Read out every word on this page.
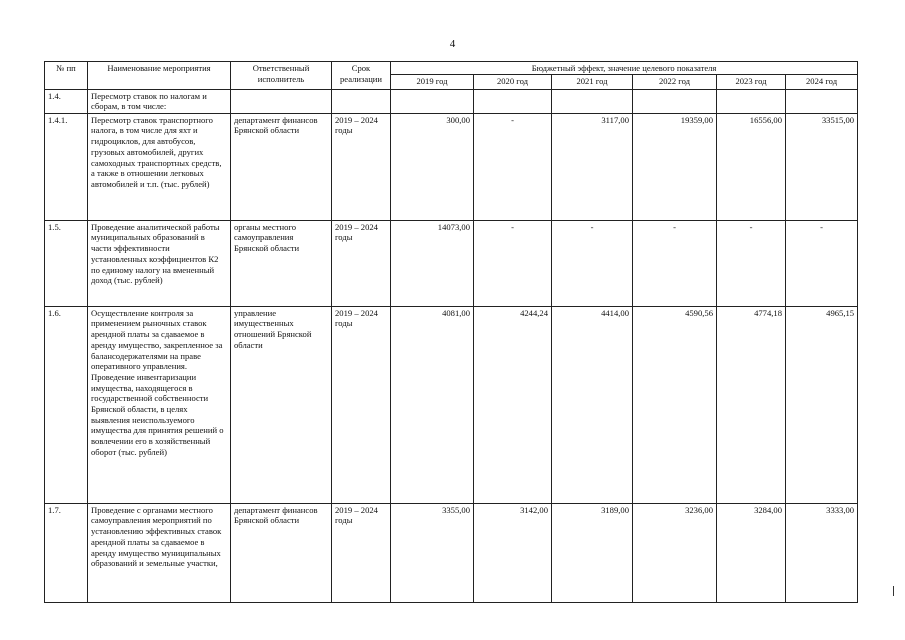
4
№ пп	Наименование мероприятия	Ответственный исполнитель	Срок реализации	Бюджетный эффект, значение целевого показателя					
				2019 год	2020 год	2021 год	2022 год	2023 год	2024 год
1.4.	Пересмотр ставок по налогам и сборам, в том числе:								
1.4.1.	Пересмотр ставок транспортного налога, в том числе для яхт и гидроциклов, для автобусов, грузовых автомобилей, других самоходных транспортных средств, а также в отношении легковых автомобилей и т.п. (тыс. рублей)	департамент финансов Брянской области	2019 – 2024 годы	300,00	-	3117,00	19359,00	16556,00	33515,00
1.5.	Проведение аналитической работы муниципальных образований в части эффективности установленных коэффициентов К2 по единому налогу на вмененный доход (тыс. рублей)	органы местного самоуправления Брянской области	2019 – 2024 годы	14073,00	-	-	-	-	-
1.6.	Осуществление контроля за применением рыночных ставок арендной платы за сдаваемое в аренду имущество, закрепленное за балансодержателями на праве оперативного управления. Проведение инвентаризации имущества, находящегося в государственной собственности Брянской области, в целях выявления неиспользуемого имущества для принятия решений о вовлечении его в хозяйственный оборот (тыс. рублей)	управление имущественных отношений Брянской области	2019 – 2024 годы	4081,00	4244,24	4414,00	4590,56	4774,18	4965,15
1.7.	Проведение с органами местного самоуправления мероприятий по установлению эффективных ставок арендной платы за сдаваемое в аренду имущество муниципальных образований и земельные участки,	департамент финансов Брянской области	2019 – 2024 годы	3355,00	3142,00	3189,00	3236,00	3284,00	3333,00
